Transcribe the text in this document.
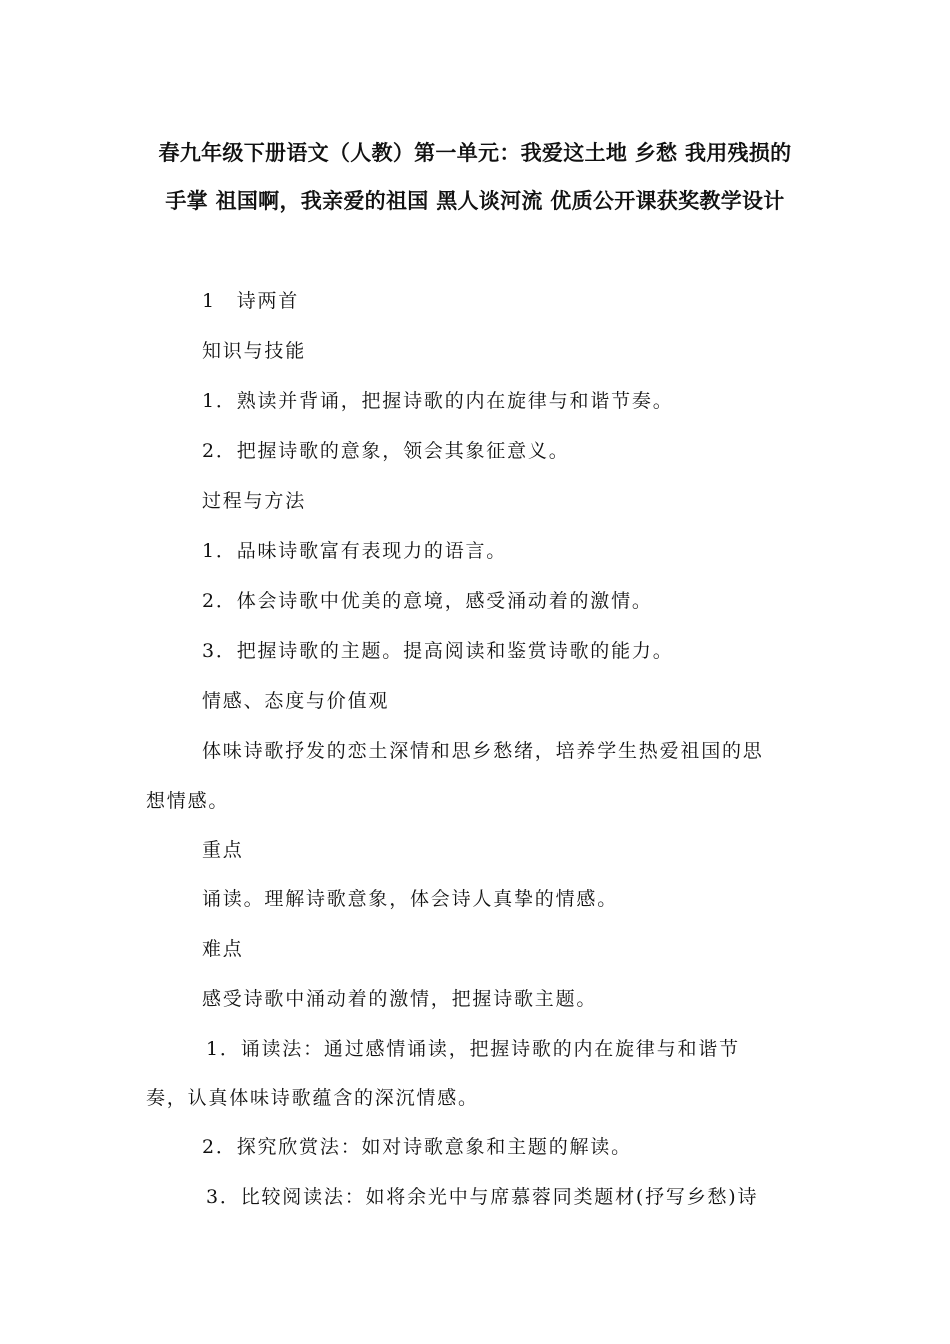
春九年级下册语文（人教）第一单元：我爱这土地 乡愁 我用残损的
手掌 祖国啊，我亲爱的祖国 黑人谈河流 优质公开课获奖教学设计
1　诗两首
知识与技能
1．熟读并背诵，把握诗歌的内在旋律与和谐节奏。
2．把握诗歌的意象，领会其象征意义。
过程与方法
1．品味诗歌富有表现力的语言。
2．体会诗歌中优美的意境，感受涌动着的激情。
3．把握诗歌的主题。提高阅读和鉴赏诗歌的能力。
情感、态度与价值观
体味诗歌抒发的恋土深情和思乡愁绪，培养学生热爱祖国的思
想情感。
重点
诵读。理解诗歌意象，体会诗人真挚的情感。
难点
感受诗歌中涌动着的激情，把握诗歌主题。
1．诵读法：通过感情诵读，把握诗歌的内在旋律与和谐节
奏，认真体味诗歌蕴含的深沉情感。
2．探究欣赏法：如对诗歌意象和主题的解读。
3．比较阅读法：如将余光中与席慕蓉同类题材(抒写乡愁)诗
